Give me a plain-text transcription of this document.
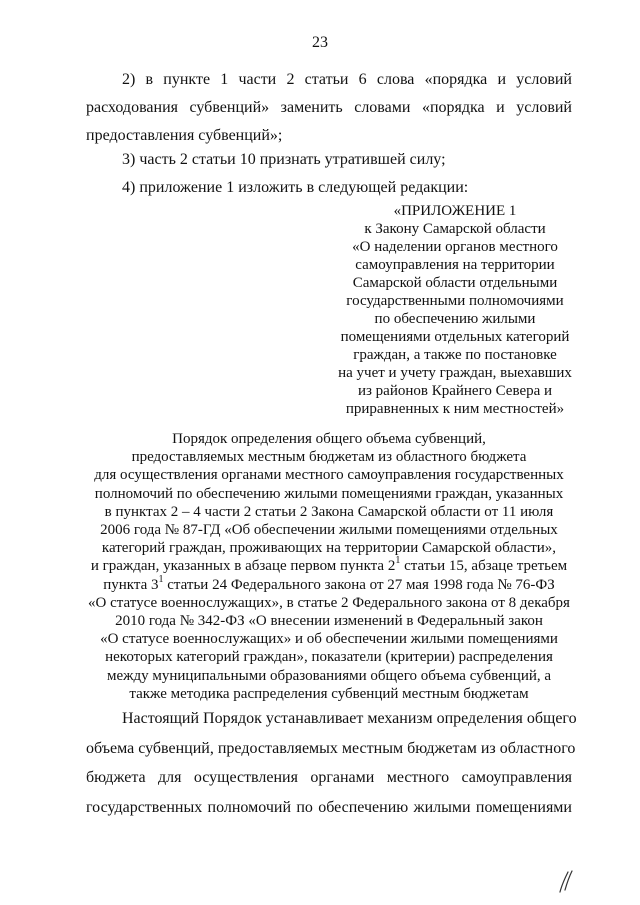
23
2) в пункте 1 части 2 статьи 6 слова «порядка и условий
расходования субвенций» заменить словами «порядка и условий
предоставления субвенций»;
3) часть 2 статьи 10 признать утратившей силу;
4) приложение 1 изложить в следующей редакции:
«ПРИЛОЖЕНИЕ 1
к Закону Самарской области
«О наделении органов местного
самоуправления на территории
Самарской области отдельными
государственными полномочиями
по обеспечению жилыми
помещениями отдельных категорий
граждан, а также по постановке
на учет и учету граждан, выехавших
из районов Крайнего Севера и
приравненных к ним местностей»
Порядок определения общего объема субвенций,
предоставляемых местным бюджетам из областного бюджета
для осуществления органами местного самоуправления государственных
полномочий по обеспечению жилыми помещениями граждан, указанных
в пунктах 2 – 4 части 2 статьи 2 Закона Самарской области от 11 июля
2006 года № 87-ГД «Об обеспечении жилыми помещениями отдельных
категорий граждан, проживающих на территории Самарской области»,
и граждан, указанных в абзаце первом пункта $2^1$ статьи 15, абзаце третьем
пункта $3^1$ статьи 24 Федерального закона от 27 мая 1998 года № 76-ФЗ
«О статусе военнослужащих», в статье 2 Федерального закона от 8 декабря
2010 года № 342-ФЗ «О внесении изменений в Федеральный закон
«О статусе военнослужащих» и об обеспечении жилыми помещениями
некоторых категорий граждан», показатели (критерии) распределения
между муниципальными образованиями общего объема субвенций, а
также методика распределения субвенций местным бюджетам
Настоящий Порядок устанавливает механизм определения общего
объема субвенций, предоставляемых местным бюджетам из областного
бюджета для осуществления органами местного самоуправления
государственных полномочий по обеспечению жилыми помещениями
